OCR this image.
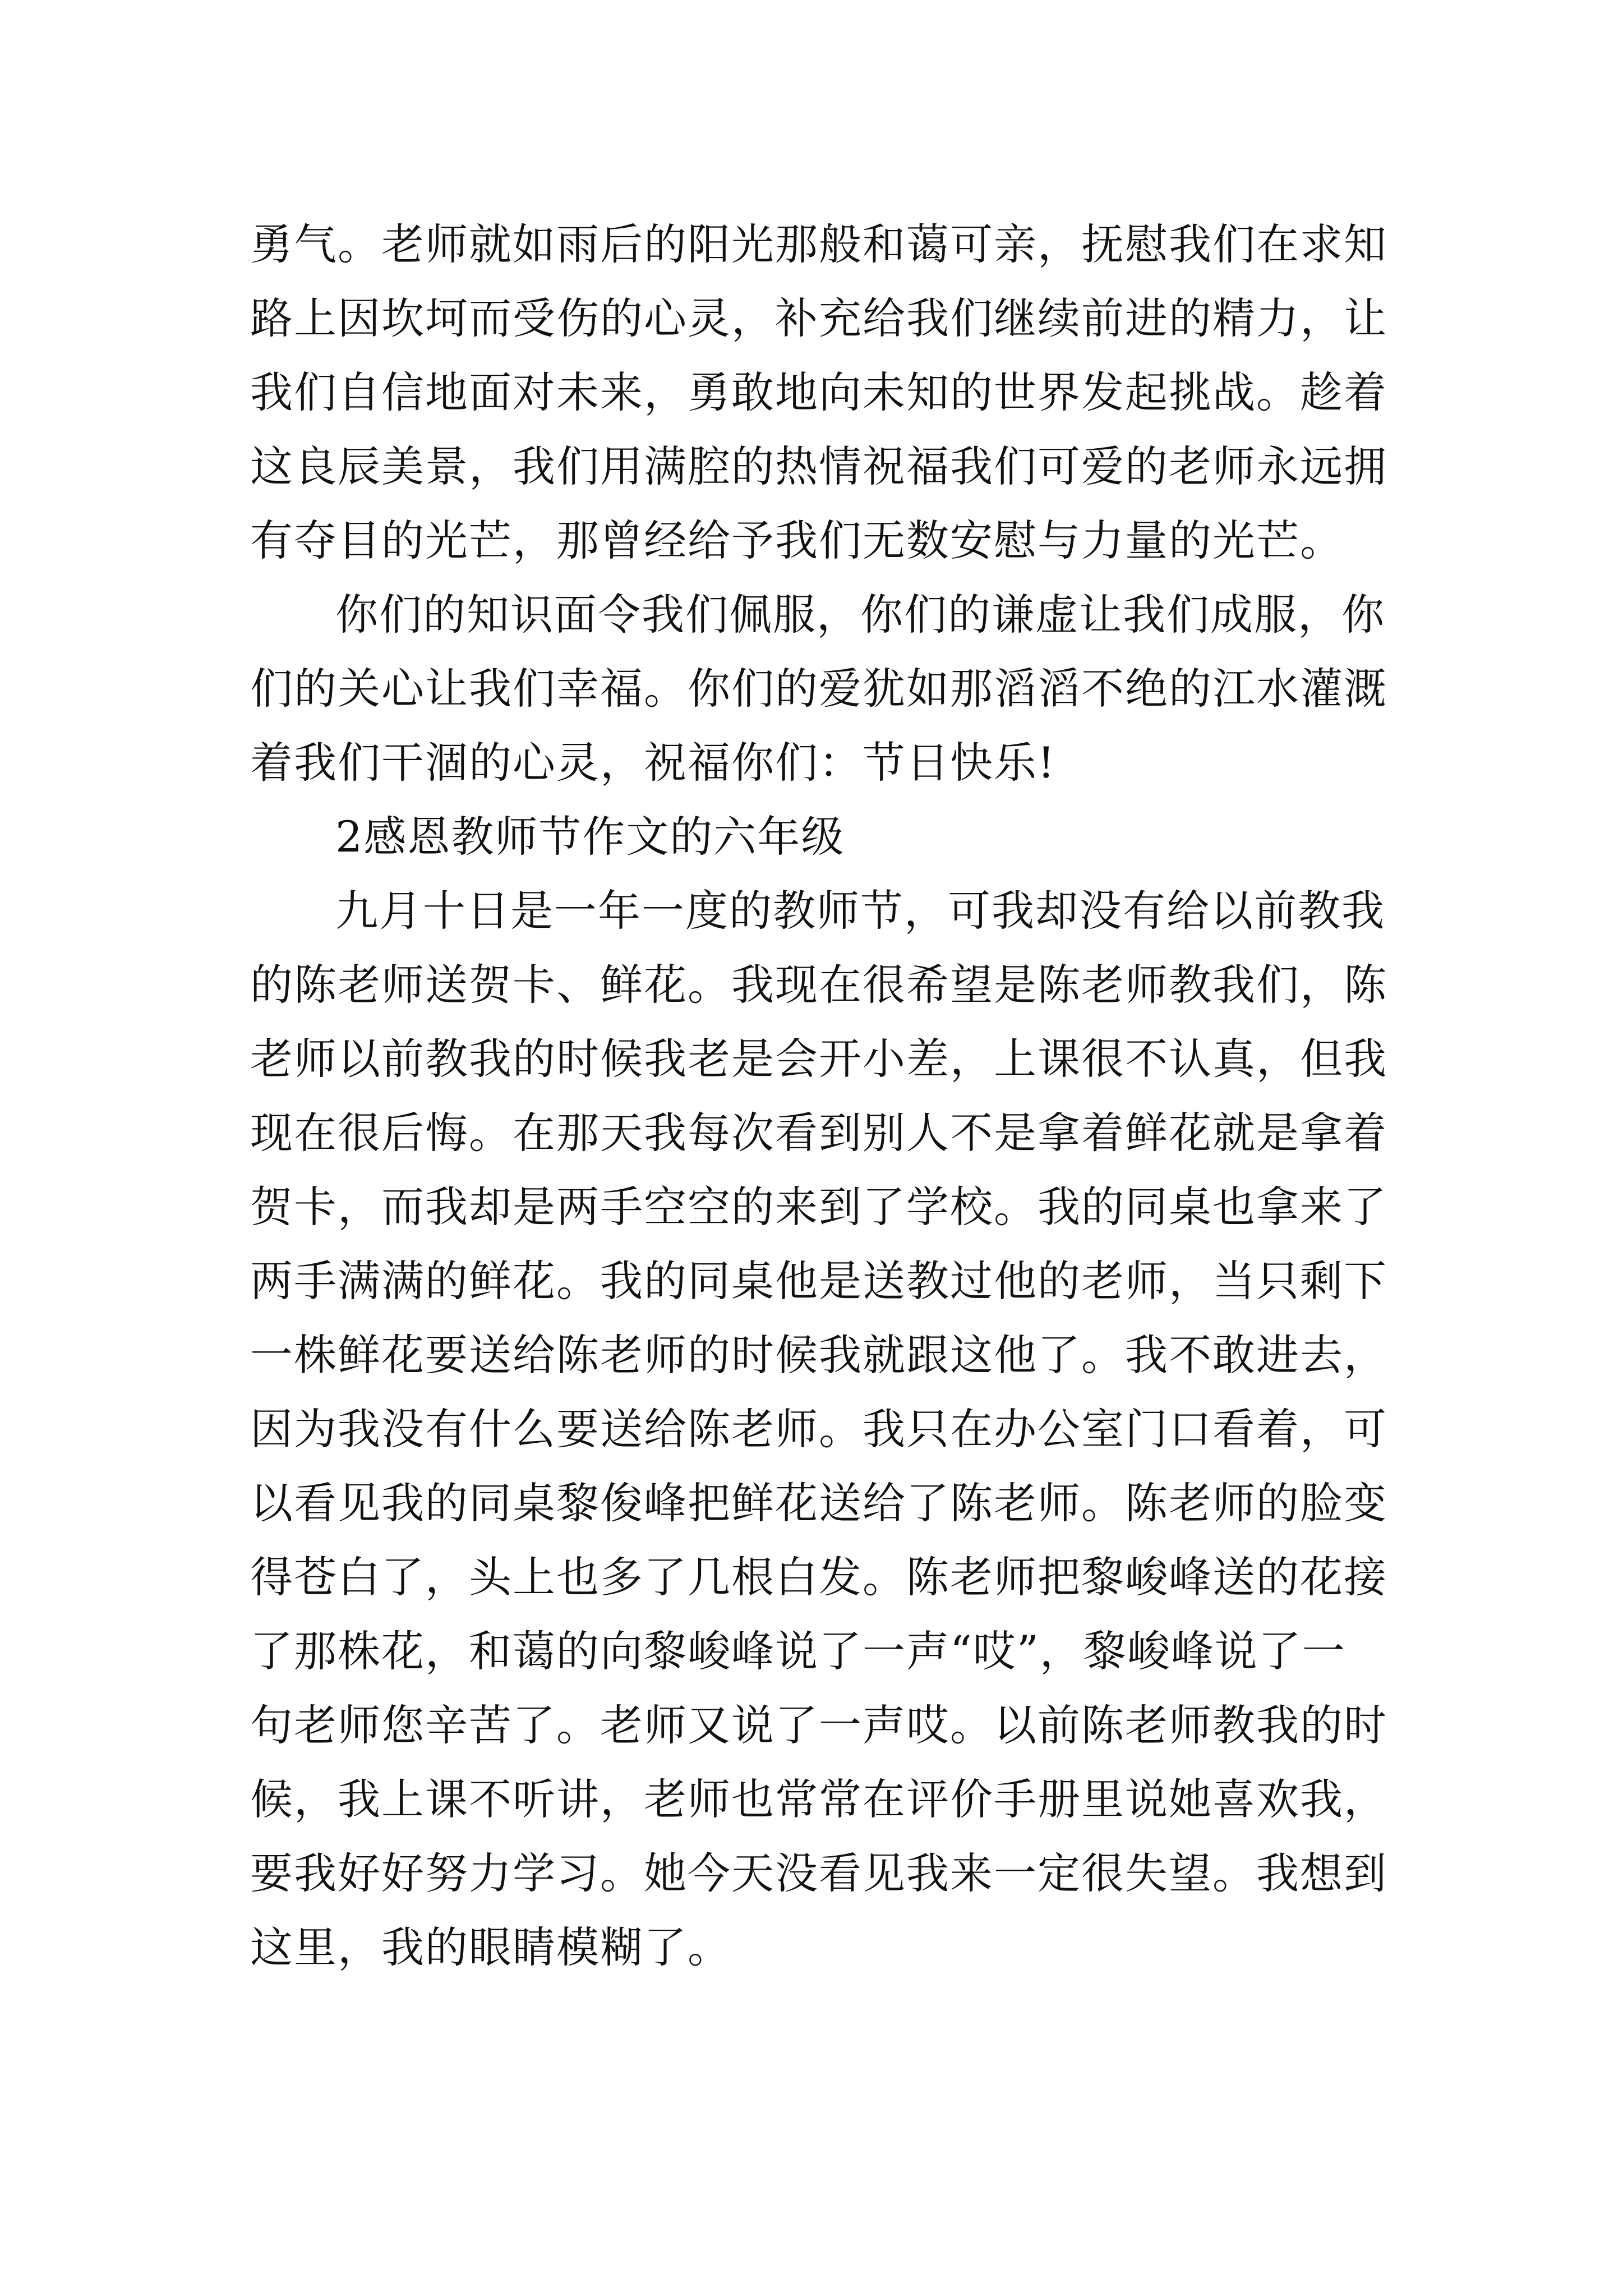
勇气。老师就如雨后的阳光那般和蔼可亲，抚慰我们在求知
路上因坎坷而受伤的心灵，补充给我们继续前进的精力，让
我们自信地面对未来，勇敢地向未知的世界发起挑战。趁着
这良辰美景，我们用满腔的热情祝福我们可爱的老师永远拥
有夺目的光芒，那曾经给予我们无数安慰与力量的光芒。
你们的知识面令我们佩服，你们的谦虚让我们成服，你
们的关心让我们幸福。你们的爱犹如那滔滔不绝的江水灌溉
着我们干涸的心灵，祝福你们：节日快乐!
2感恩教师节作文的六年级
九月十日是一年一度的教师节，可我却没有给以前教我
的陈老师送贺卡、鲜花。我现在很希望是陈老师教我们，陈
老师以前教我的时候我老是会开小差，上课很不认真，但我
现在很后悔。在那天我每次看到别人不是拿着鲜花就是拿着
贺卡，而我却是两手空空的来到了学校。我的同桌也拿来了
两手满满的鲜花。我的同桌他是送教过他的老师，当只剩下
一株鲜花要送给陈老师的时候我就跟这他了。我不敢进去，
因为我没有什么要送给陈老师。我只在办公室门口看着，可
以看见我的同桌黎俊峰把鲜花送给了陈老师。陈老师的脸变
得苍白了，头上也多了几根白发。陈老师把黎峻峰送的花接
了那株花，和蔼的向黎峻峰说了一声“哎”，黎峻峰说了一
句老师您辛苦了。老师又说了一声哎。以前陈老师教我的时
候，我上课不听讲，老师也常常在评价手册里说她喜欢我，
要我好好努力学习。她今天没看见我来一定很失望。我想到
这里，我的眼睛模糊了。
